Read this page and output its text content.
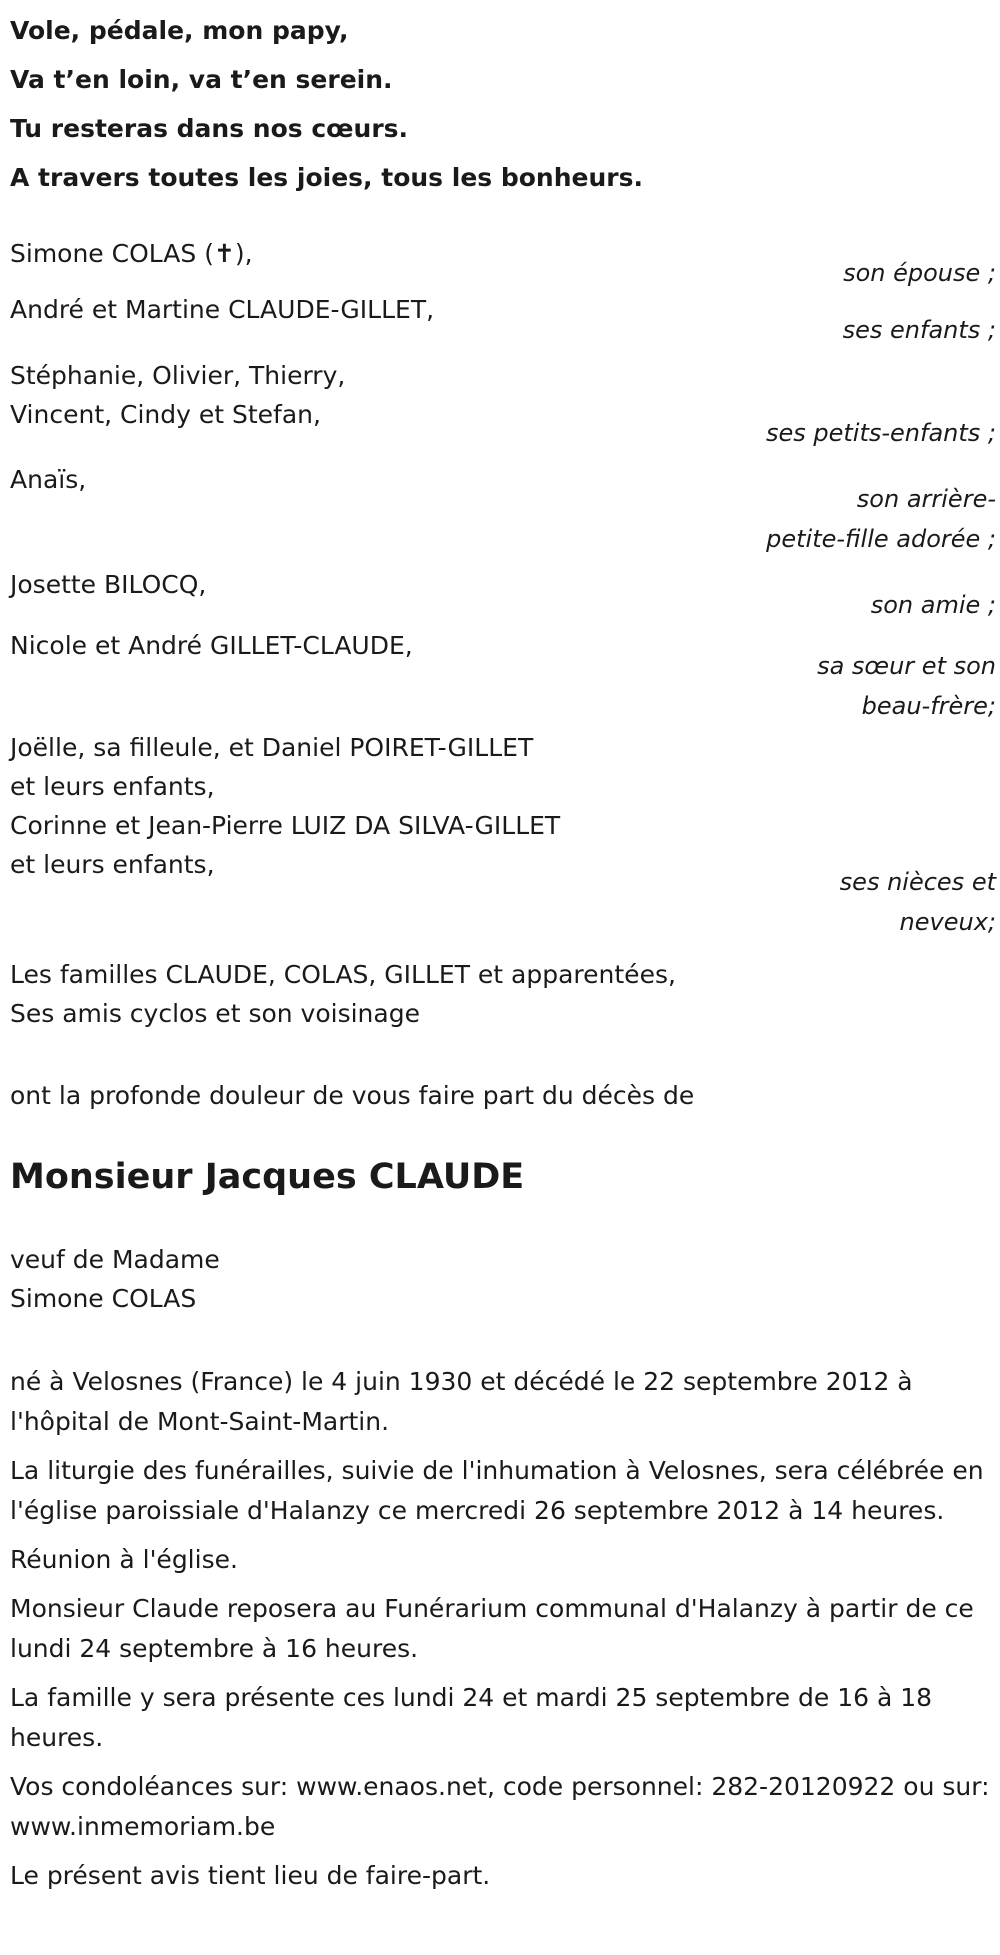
Vole, pédale, mon papy,

Va t’en loin, va t’en serein.

Tu resteras dans nos cœurs.

A travers toutes les joies, tous les bonheurs.

Simone COLAS (✝),

son épouse ;

André et Martine CLAUDE-GILLET,

ses enfants ;

Stéphanie, Olivier, Thierry,

Vincent, Cindy et Stefan,

ses petits-enfants ;

Anaïs,

son arrière-

petite-fille adorée ;

Josette BILOCQ,

son amie ;

Nicole et André GILLET-CLAUDE,

sa sœur et son

beau-frère;

Joëlle, sa filleule, et Daniel POIRET-GILLET

et leurs enfants,

Corinne et Jean-Pierre LUIZ DA SILVA-GILLET

et leurs enfants,

ses nièces et

neveux;

Les familles CLAUDE, COLAS, GILLET et apparentées,

Ses amis cyclos et son voisinage

ont la profonde douleur de vous faire part du décès de

Monsieur Jacques CLAUDE

veuf de Madame

Simone COLAS

né à Velosnes (France) le 4 juin 1930 et décédé le 22 septembre 2012 à l'hôpital de Mont-Saint-Martin.

La liturgie des funérailles, suivie de l'inhumation à Velosnes, sera célébrée en l'église paroissiale d'Halanzy ce mercredi 26 septembre 2012 à 14 heures.

Réunion à l'église.

Monsieur Claude reposera au Funérarium communal d'Halanzy à partir de ce lundi 24 septembre à 16 heures.

La famille y sera présente ces lundi 24 et mardi 25 septembre de 16 à 18 heures.

Vos condoléances sur: www.enaos.net, code personnel: 282-20120922 ou sur: www.inmemoriam.be

Le présent avis tient lieu de faire-part.
